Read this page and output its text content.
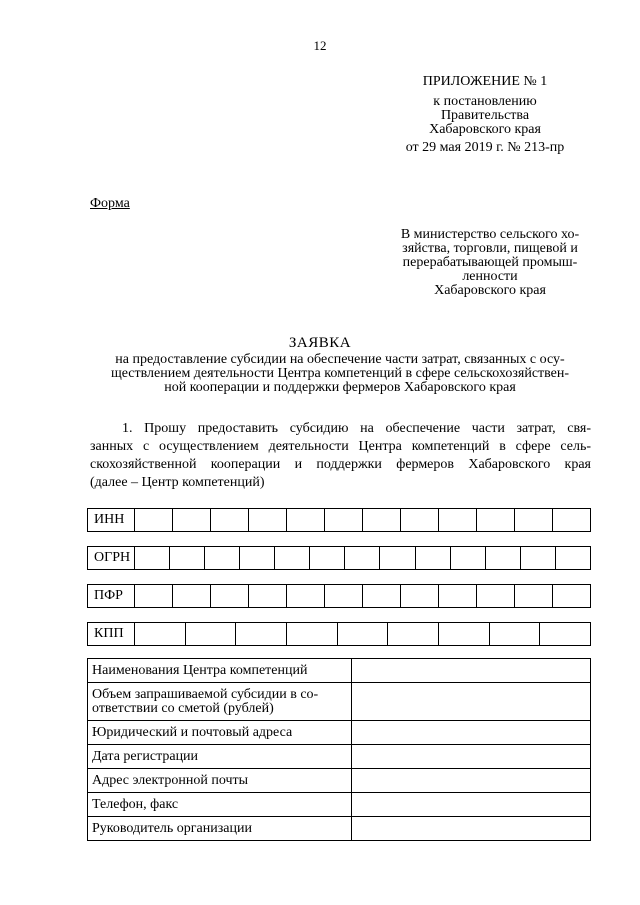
12
ПРИЛОЖЕНИЕ № 1
к постановлению
Правительства
Хабаровского края
от 29 мая 2019 г. № 213-пр
Форма
В министерство сельского хо-
зяйства, торговли, пищевой и
перерабатывающей промыш-
ленности
Хабаровского края
ЗАЯВКА
на предоставление субсидии на обеспечение части затрат, связанных с осу-
ществлением деятельности Центра компетенций в сфере сельскохозяйствен-
ной кооперации и поддержки фермеров Хабаровского края
1. Прошу предоставить субсидию на обеспечение части затрат, свя-
занных с осуществлением деятельности Центра компетенций в сфере сель-
скохозяйственной кооперации и поддержки фермеров Хабаровского края
(далее – Центр компетенций)
ИНН												
ОГРН													
ПФР												
КПП									
Наименования Центра компетенций	
Объем запрашиваемой субсидии в со-ответствии со сметой (рублей)	
Юридический и почтовый адреса	
Дата регистрации	
Адрес электронной почты	
Телефон, факс	
Руководитель организации	
